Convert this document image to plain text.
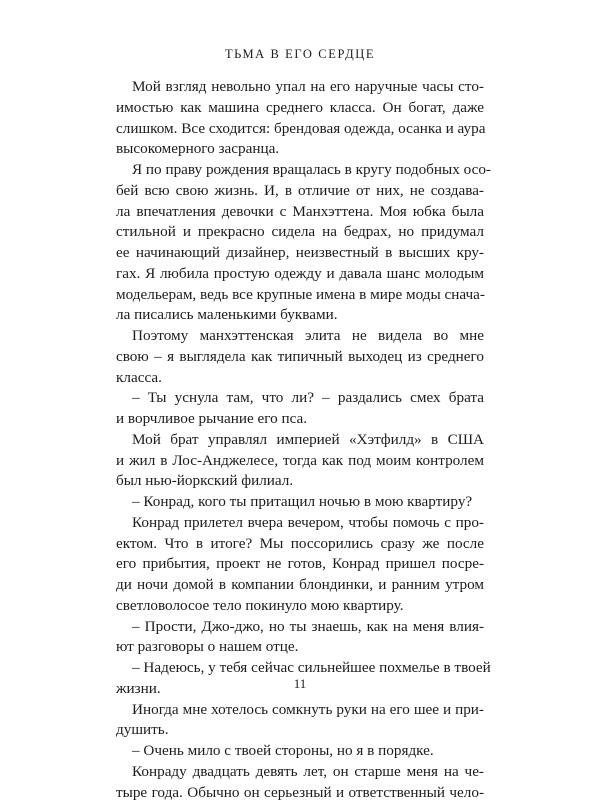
ТЬМА В ЕГО СЕРДЦЕ

Мой взгляд невольно упал на его наручные часы сто-
имостью как машина среднего класса. Он богат, даже
слишком. Все сходится: брендовая одежда, осанка и аура
высокомерного засранца.

Я по праву рождения вращалась в кругу подобных осо-
бей всю свою жизнь. И, в отличие от них, не создава-
ла впечатления девочки с Манхэттена. Моя юбка была
стильной и прекрасно сидела на бедрах, но придумал
ее начинающий дизайнер, неизвестный в высших кру-
гах. Я любила простую одежду и давала шанс молодым
модельерам, ведь все крупные имена в мире моды снача-
ла писались маленькими буквами.

Поэтому манхэттенская элита не видела во мне
свою – я выглядела как типичный выходец из среднего
класса.

– Ты уснула там, что ли? – раздались смех брата
и ворчливое рычание его пса.

Мой брат управлял империей «Хэтфилд» в США
и жил в Лос-Анджелесе, тогда как под моим контролем
был нью-йоркский филиал.

– Конрад, кого ты притащил ночью в мою квартиру?

Конрад прилетел вчера вечером, чтобы помочь с про-
ектом. Что в итоге? Мы поссорились сразу же после
его прибытия, проект не готов, Конрад пришел посре-
ди ночи домой в компании блондинки, и ранним утром
светловолосое тело покинуло мою квартиру.

– Прости, Джо-джо, но ты знаешь, как на меня влия-
ют разговоры о нашем отце.

– Надеюсь, у тебя сейчас сильнейшее похмелье в твоей
жизни.

Иногда мне хотелось сомкнуть руки на его шее и при-
душить.

– Очень мило с твоей стороны, но я в порядке.

Конраду двадцать девять лет, он старше меня на че-
тыре года. Обычно он серьезный и ответственный чело-

11
